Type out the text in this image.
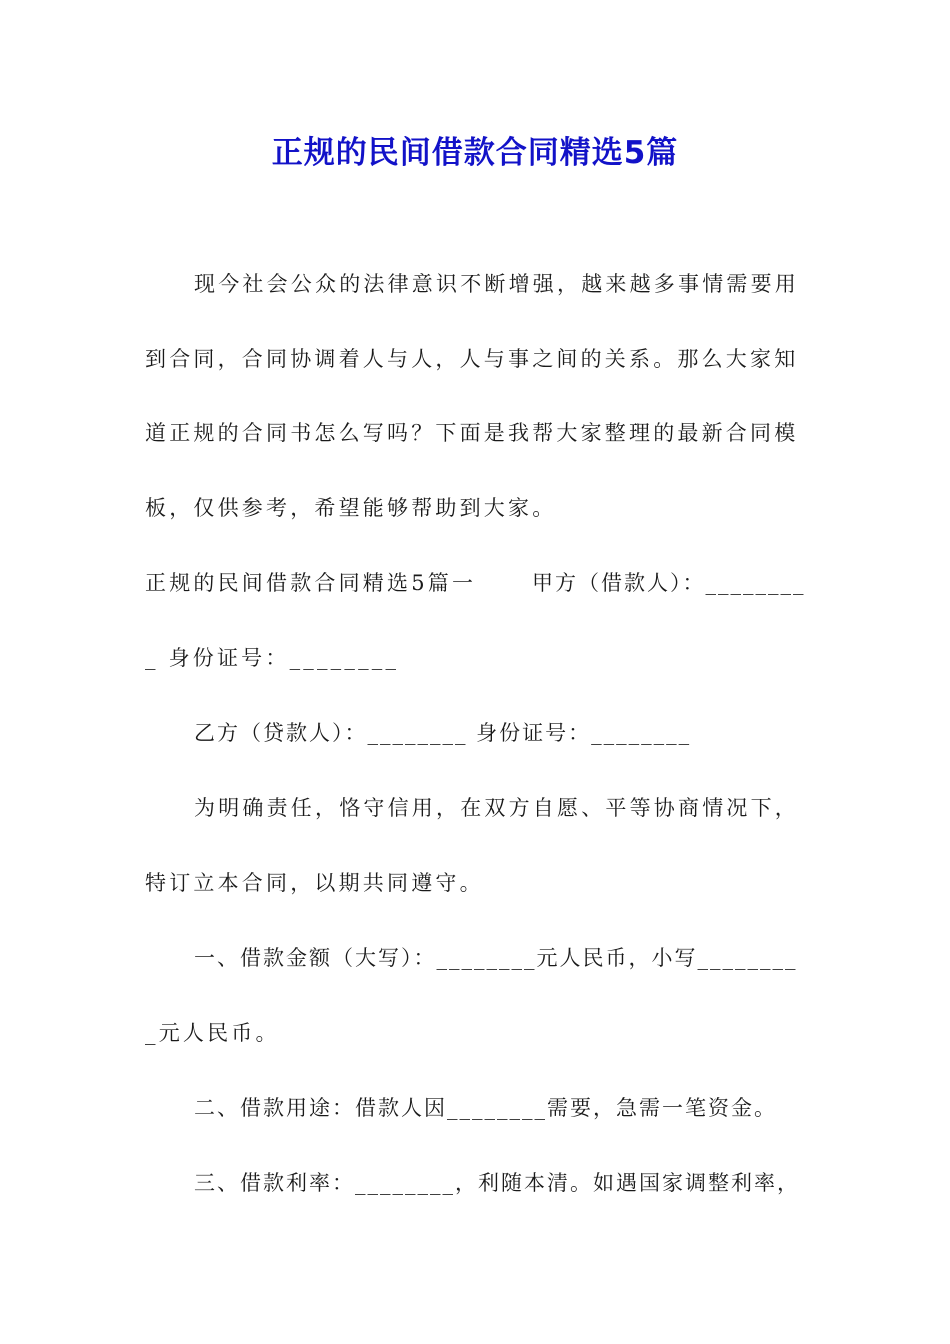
正规的民间借款合同精选5篇

现今社会公众的法律意识不断增强，越来越多事情需要用

到合同，合同协调着人与人，人与事之间的关系。那么大家知

道正规的合同书怎么写吗？下面是我帮大家整理的最新合同模

板，仅供参考，希望能够帮助到大家。

正规的民间借款合同精选5篇一	甲方（借款人）：________

_ 身份证号：________

乙方（贷款人）：________ 身份证号：________

为明确责任，恪守信用，在双方自愿、平等协商情况下，

特订立本合同，以期共同遵守。

一、借款金额（大写）：________元人民币，小写________

_元人民币。

二、借款用途：借款人因________需要，急需一笔资金。

三、借款利率：________，利随本清。如遇国家调整利率，
